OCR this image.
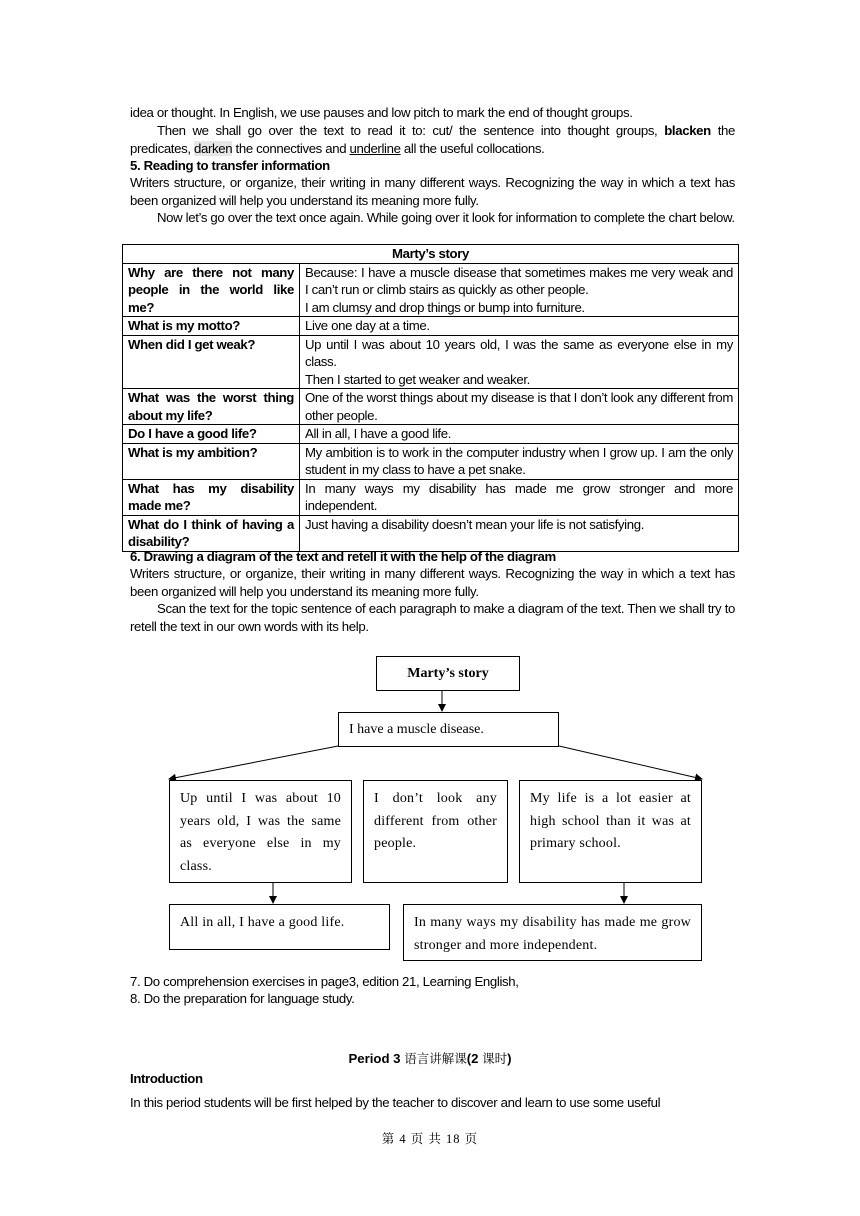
idea or thought. In English, we use pauses and low pitch to mark the end of thought groups.
Then we shall go over the text to read it to: cut/ the sentence into thought groups, blacken the predicates, darken the connectives and underline all the useful collocations.
5. Reading to transfer information
Writers structure, or organize, their writing in many different ways. Recognizing the way in which a text has been organized will help you understand its meaning more fully.
Now let’s go over the text once again. While going over it look for information to complete the chart below.
Marty’s story	
Why are there not many people in the world like me?	Because: I have a muscle disease that sometimes makes me very weak and I can’t run or climb stairs as quickly as other people.
I am clumsy and drop things or bump into furniture.

What is my motto?	Live one day at a time.

When did I get weak?	Up until I was about 10 years old, I was the same as everyone else in my class.
Then I started to get weaker and weaker.

What was the worst thing about my life?	One of the worst things about my disease is that I don’t look any different from other people.

Do I have a good life?	All in all, I have a good life.

What is my ambition?	My ambition is to work in the computer industry when I grow up. I am the only student in my class to have a pet snake.

What has my disability made me?	In many ways my disability has made me grow stronger and more independent.

What do I think of having a disability?	Just having a disability doesn’t mean your life is not satisfying.
6. Drawing a diagram of the text and retell it with the help of the diagram
Writers structure, or organize, their writing in many different ways. Recognizing the way in which a text has been organized will help you understand its meaning more fully.
Scan the text for the topic sentence of each paragraph to make a diagram of the text. Then we shall try to retell the text in our own words with its help.
Marty’s story
I have a muscle disease.
Up until I was about 10 years old, I was the same as everyone else in my class.
I don’t look any different from other people.
My life is a lot easier at high school than it was at primary school.
All in all, I have a good life.	In many ways my disability has made me grow stronger and more independent.
7. Do comprehension exercises in page3, edition 21, Learning English,
8. Do the preparation for language study.
Period 3 语言讲解课(2 课时)
Introduction
In this period students will be first helped by the teacher to discover and learn to use some useful
第 4 页 共 18 页
